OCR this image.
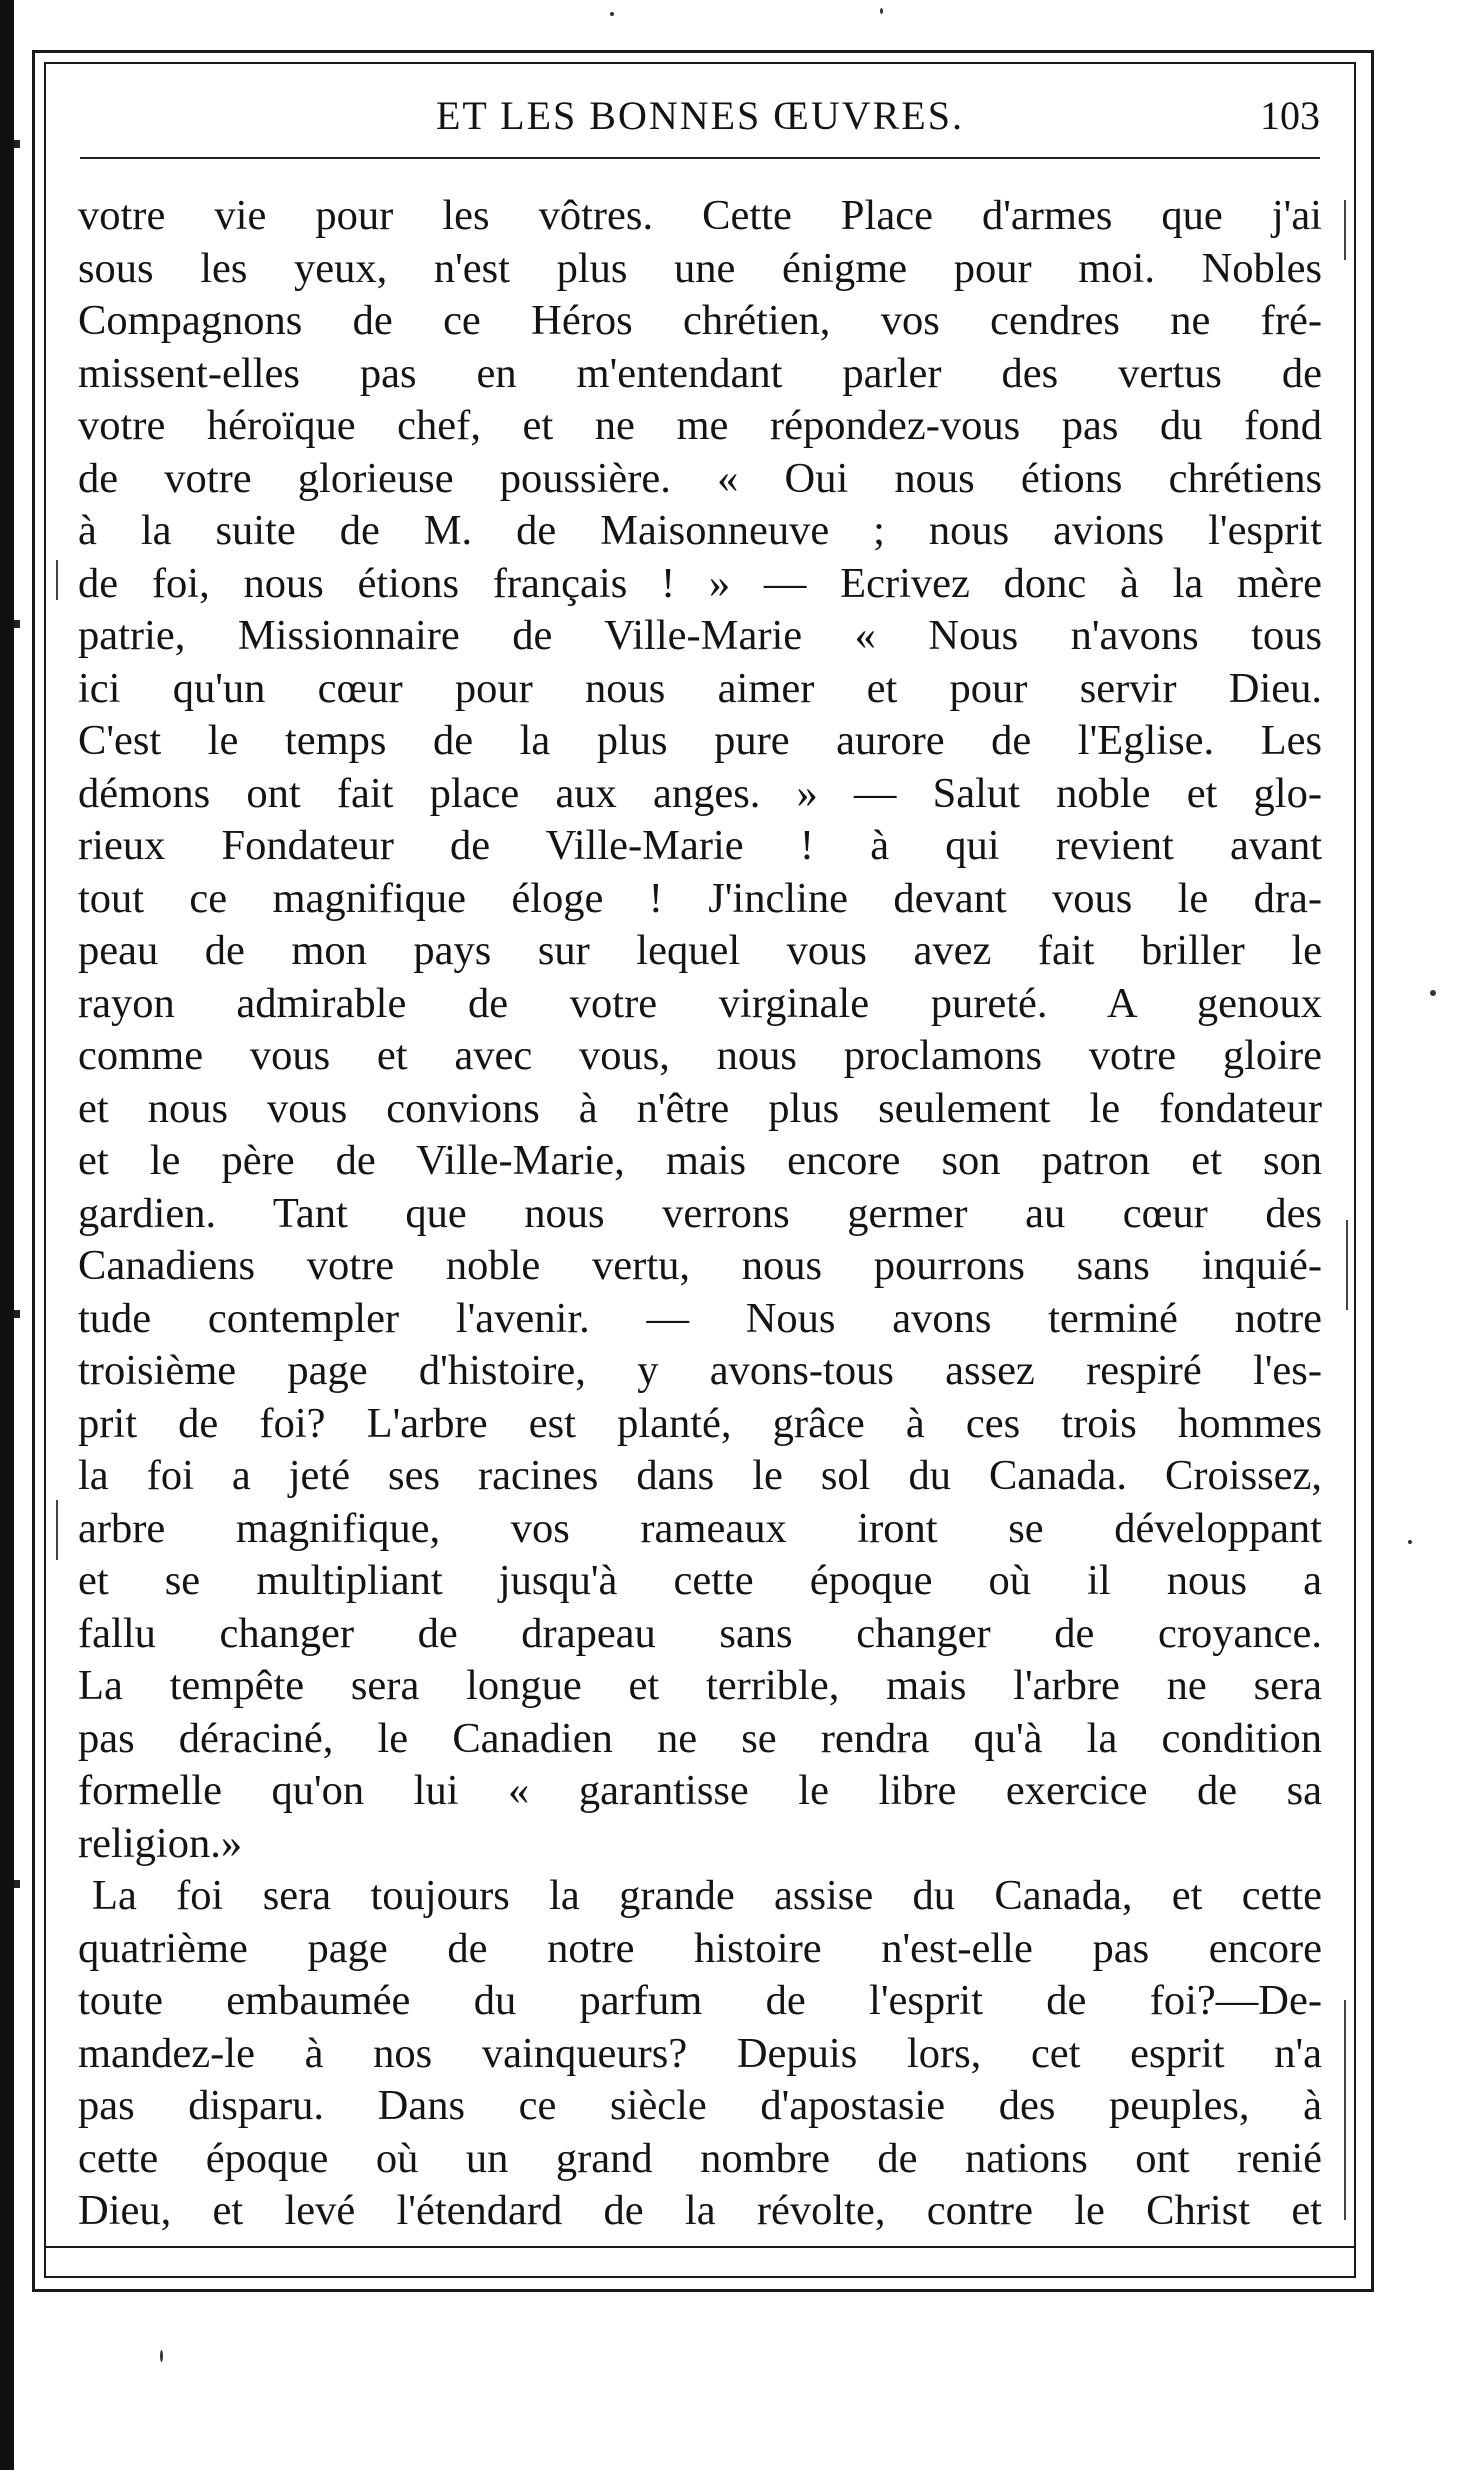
ET LES BONNES ŒUVRES.	103
votre vie pour les vôtres. Cette Place d'armes que j'ai
sous les yeux, n'est plus une énigme pour moi. Nobles
Compagnons de ce Héros chrétien, vos cendres ne fré-
missent-elles pas en m'entendant parler des vertus de
votre héroïque chef, et ne me répondez-vous pas du fond
de votre glorieuse poussière. « Oui nous étions chrétiens
à la suite de M. de Maisonneuve ; nous avions l'esprit
de foi, nous étions français ! » — Ecrivez donc à la mère
patrie, Missionnaire de Ville-Marie « Nous n'avons tous
ici qu'un cœur pour nous aimer et pour servir Dieu.
C'est le temps de la plus pure aurore de l'Eglise. Les
démons ont fait place aux anges. » — Salut noble et glo-
rieux Fondateur de Ville-Marie ! à qui revient avant
tout ce magnifique éloge ! J'incline devant vous le dra-
peau de mon pays sur lequel vous avez fait briller le
rayon admirable de votre virginale pureté. A genoux
comme vous et avec vous, nous proclamons votre gloire
et nous vous convions à n'être plus seulement le fondateur
et le père de Ville-Marie, mais encore son patron et son
gardien. Tant que nous verrons germer au cœur des
Canadiens votre noble vertu, nous pourrons sans inquié-
tude contempler l'avenir. — Nous avons terminé notre
troisième page d'histoire, y avons-tous assez respiré l'es-
prit de foi? L'arbre est planté, grâce à ces trois hommes
la foi a jeté ses racines dans le sol du Canada. Croissez,
arbre magnifique, vos rameaux iront se développant
et se multipliant jusqu'à cette époque où il nous a
fallu changer de drapeau sans changer de croyance.
La tempête sera longue et terrible, mais l'arbre ne sera
pas déraciné, le Canadien ne se rendra qu'à la condition
formelle qu'on lui « garantisse le libre exercice de sa
religion.»
La foi sera toujours la grande assise du Canada, et cette
quatrième page de notre histoire n'est-elle pas encore
toute embaumée du parfum de l'esprit de foi?—De-
mandez-le à nos vainqueurs? Depuis lors, cet esprit n'a
pas disparu. Dans ce siècle d'apostasie des peuples, à
cette époque où un grand nombre de nations ont renié
Dieu, et levé l'étendard de la révolte, contre le Christ et
